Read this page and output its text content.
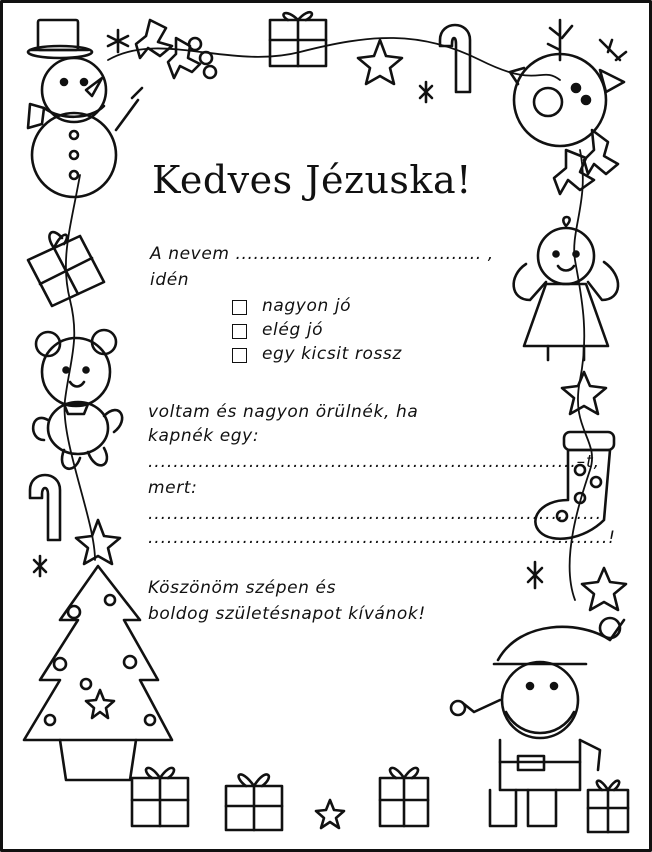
Kedves Jézuska!
A nevem ......................................... ,
idén
nagyon jó
elég jó
egy kicsit rossz
voltam és nagyon örülnék, ha
kapnék egy:
....................................................................–t,
mert:
.........................................................................
.........................................................................!
Köszönöm szépen és
boldog születésnapot kívánok!
